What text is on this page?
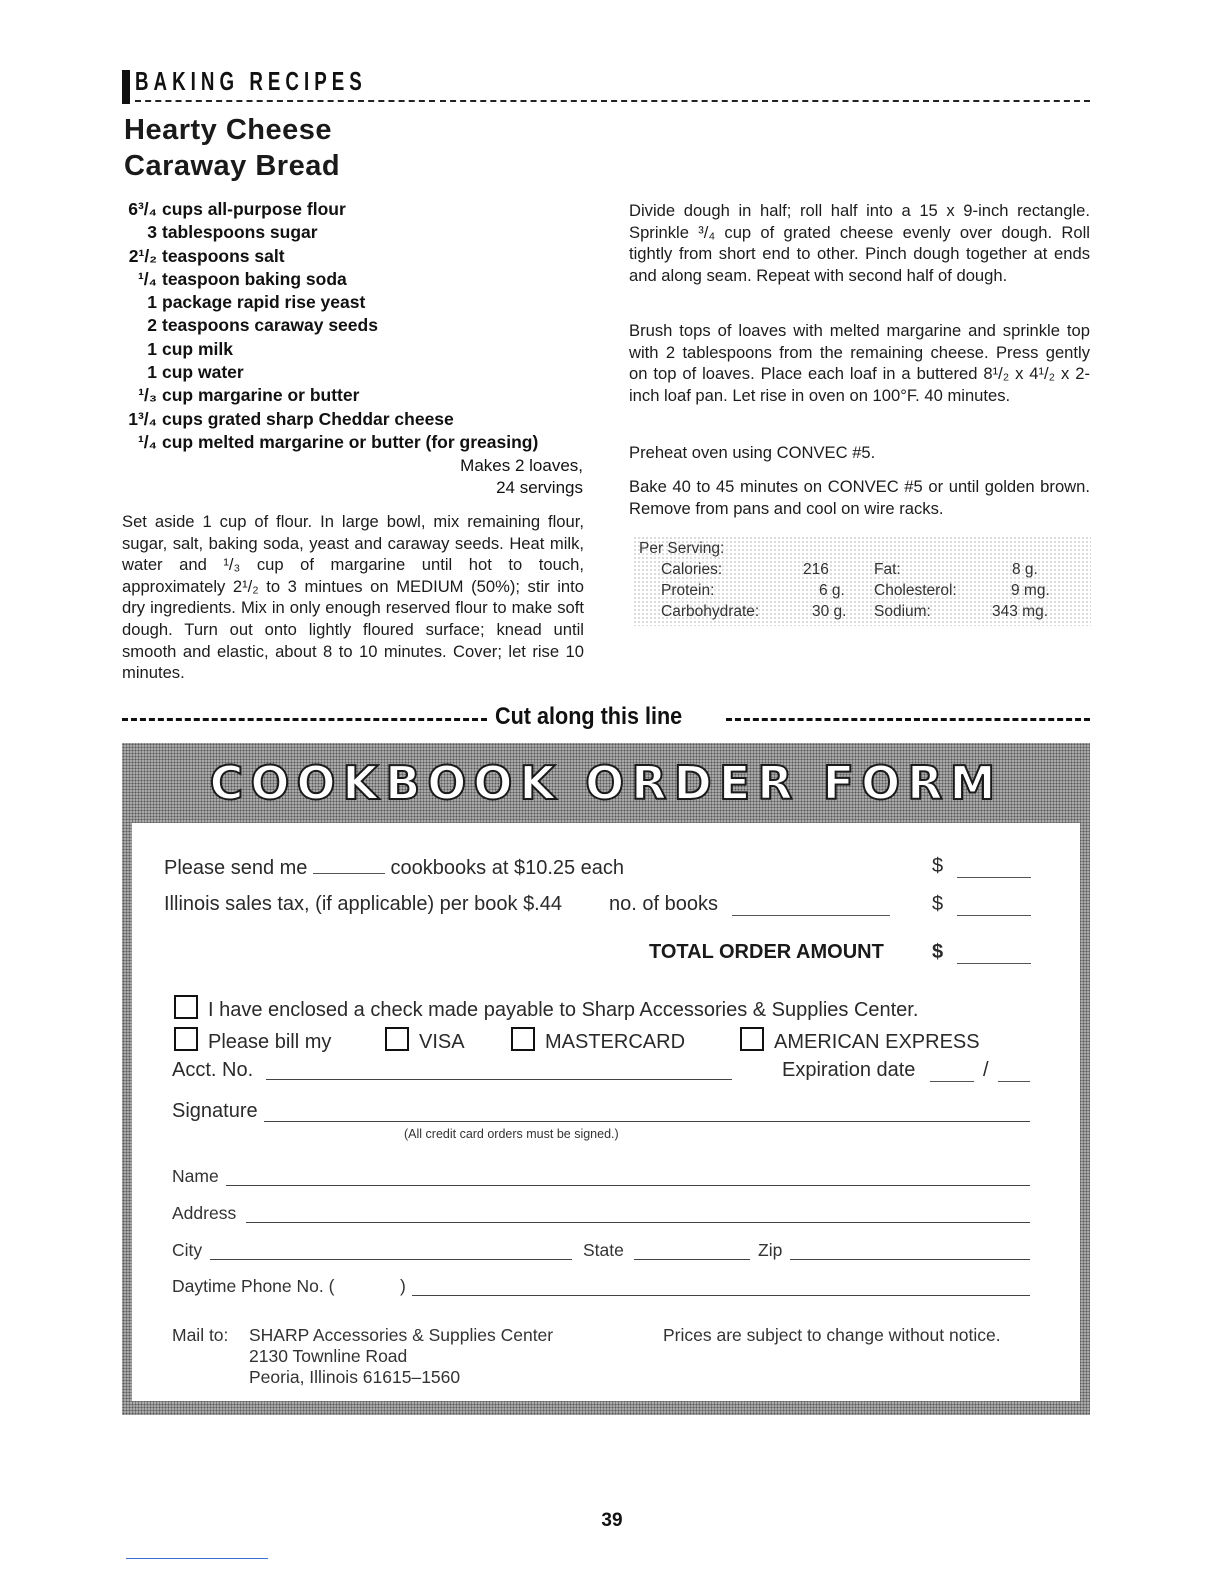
BAKING RECIPES
Hearty Cheese
Caraway Bread
6³/₄ cups all-purpose flour
3 tablespoons sugar
2¹/₂ teaspoons salt
¹/₄ teaspoon baking soda
1 package rapid rise yeast
2 teaspoons caraway seeds
1 cup milk
1 cup water
¹/₃ cup margarine or butter
1³/₄ cups grated sharp Cheddar cheese
¹/₄ cup melted margarine or butter (for greasing)
Makes 2 loaves,
24 servings
Set aside 1 cup of flour. In large bowl, mix remaining flour, sugar, salt, baking soda, yeast and caraway seeds. Heat milk, water and ¹/₃ cup of margarine until hot to touch, approximately 2¹/₂ to 3 mintues on MEDIUM (50%); stir into dry ingredients. Mix in only enough reserved flour to make soft dough. Turn out onto lightly floured surface; knead until smooth and elastic, about 8 to 10 minutes. Cover; let rise 10 minutes.
Divide dough in half; roll half into a 15 x 9-inch rectangle. Sprinkle ³/₄ cup of grated cheese evenly over dough. Roll tightly from short end to other. Pinch dough together at ends and along seam. Repeat with second half of dough.
Brush tops of loaves with melted margarine and sprinkle top with 2 tablespoons from the remaining cheese. Press gently on top of loaves. Place each loaf in a buttered 8¹/₂ x 4¹/₂ x 2-inch loaf pan. Let rise in oven on 100°F. 40 minutes.
Preheat oven using CONVEC #5.
Bake 40 to 45 minutes on CONVEC #5 or until golden brown. Remove from pans and cool on wire racks.
Per Serving:
Calories:	216	Fat:	8 g.
Protein:	6 g. Cholesterol:	9 mg.
Carbohydrate:	30 g. Sodium:	343 mg.
Cut along this line
COOKBOOK ORDER FORM
Please send me	cookbooks at $10.25 each	$
Illinois sales tax, (if applicable) per book $.44 no. of books	$
TOTAL ORDER AMOUNT $
I have enclosed a check made payable to Sharp Accessories & Supplies Center.
Please bill my	VISA	MASTERCARD	AMERICAN EXPRESS
Acct. No.	Expiration date	/
Signature
(All credit card orders must be signed.)
Name
Address
City	State	Zip
Daytime Phone No. (	)
Mail to: SHARP Accessories & Supplies Center
2130 Townline Road
Peoria, Illinois 61615–1560
Prices are subject to change without notice.
39
